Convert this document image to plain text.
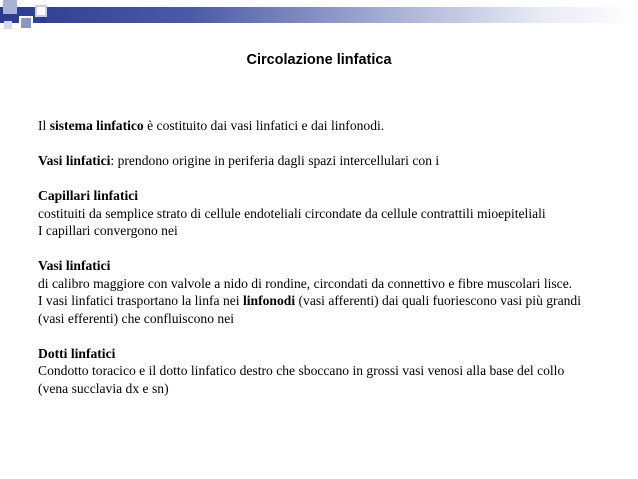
Circolazione linfatica

Il sistema linfatico è costituito dai vasi linfatici e dai linfonodi.

Vasi linfatici: prendono origine in periferia dagli spazi intercellulari con i

Capillari linfatici

costituiti da semplice strato di cellule endoteliali circondate da cellule contrattili mioepiteliali

I capillari convergono nei

Vasi linfatici

di calibro maggiore con valvole a nido di rondine, circondati da connettivo e fibre muscolari lisce.

I vasi linfatici trasportano la linfa nei linfonodi (vasi afferenti) dai quali fuoriescono vasi più grandi

(vasi efferenti) che confluiscono nei

Dotti linfatici

Condotto toracico e il dotto linfatico destro che sboccano in grossi vasi venosi alla base del collo

(vena succlavia dx e sn)
